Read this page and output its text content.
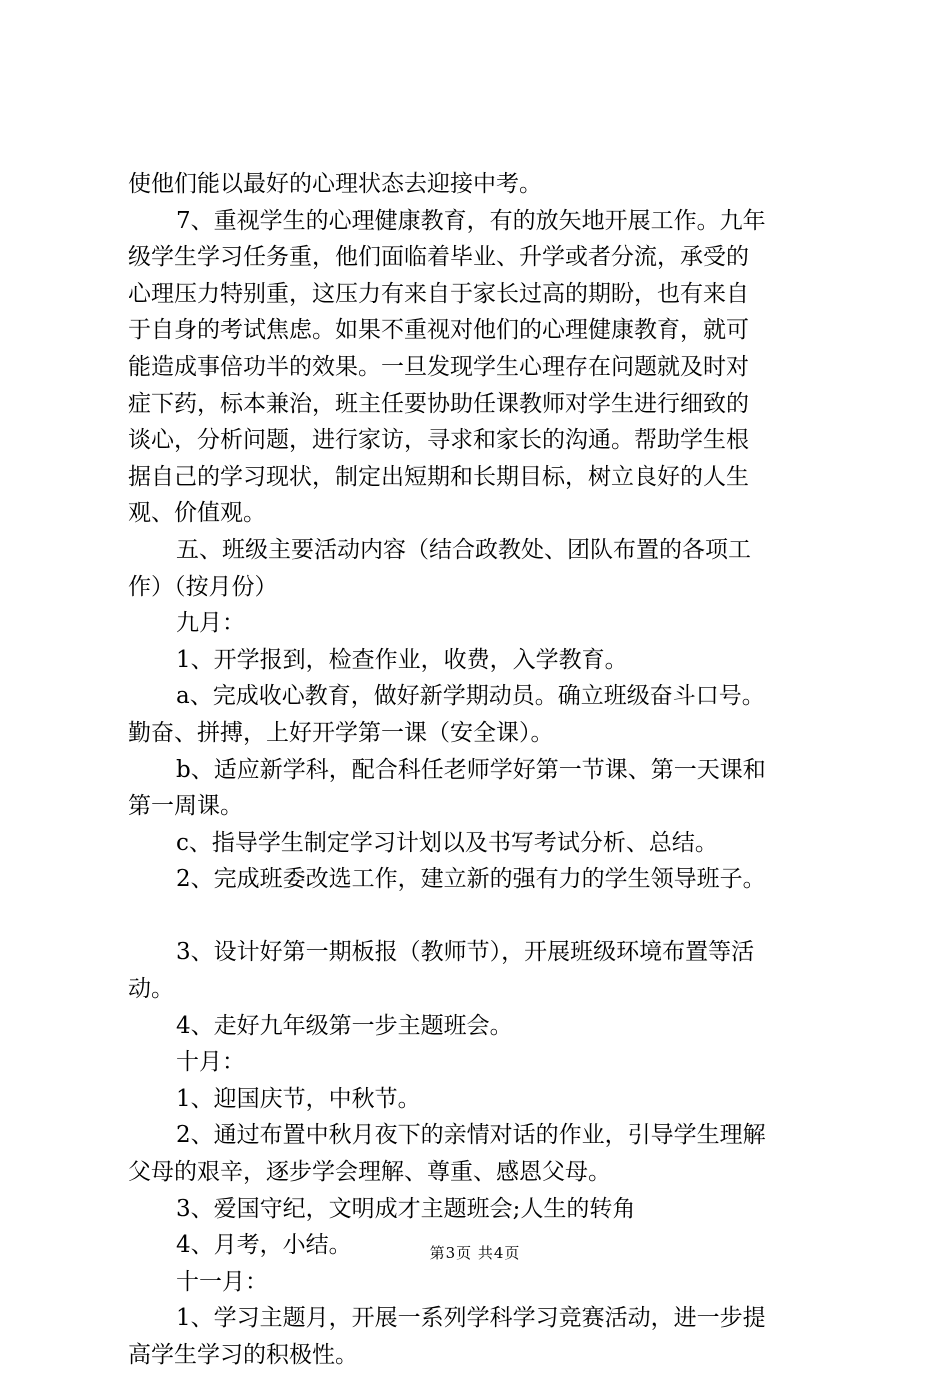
使他们能以最好的心理状态去迎接中考。
7、重视学生的心理健康教育，有的放矢地开展工作。九年
级学生学习任务重，他们面临着毕业、升学或者分流，承受的
心理压力特别重，这压力有来自于家长过高的期盼，也有来自
于自身的考试焦虑。如果不重视对他们的心理健康教育，就可
能造成事倍功半的效果。一旦发现学生心理存在问题就及时对
症下药，标本兼治，班主任要协助任课教师对学生进行细致的
谈心，分析问题，进行家访，寻求和家长的沟通。帮助学生根
据自己的学习现状，制定出短期和长期目标，树立良好的人生
观、价值观。
五、班级主要活动内容（结合政教处、团队布置的各项工
作）（按月份）
九月：
1、开学报到，检查作业，收费，入学教育。
a、完成收心教育，做好新学期动员。确立班级奋斗口号。
勤奋、拼搏，上好开学第一课（安全课）。
b、适应新学科，配合科任老师学好第一节课、第一天课和
第一周课。
c、指导学生制定学习计划以及书写考试分析、总结。
2、完成班委改选工作，建立新的强有力的学生领导班子。
3、设计好第一期板报（教师节），开展班级环境布置等活
动。
4、走好九年级第一步主题班会。
十月：
1、迎国庆节，中秋节。
2、通过布置中秋月夜下的亲情对话的作业，引导学生理解
父母的艰辛，逐步学会理解、尊重、感恩父母。
3、爱国守纪，文明成才主题班会;人生的转角
4、月考，小结。
十一月：
1、学习主题月，开展一系列学科学习竞赛活动，进一步提
高学生学习的积极性。
第3页 共4页
